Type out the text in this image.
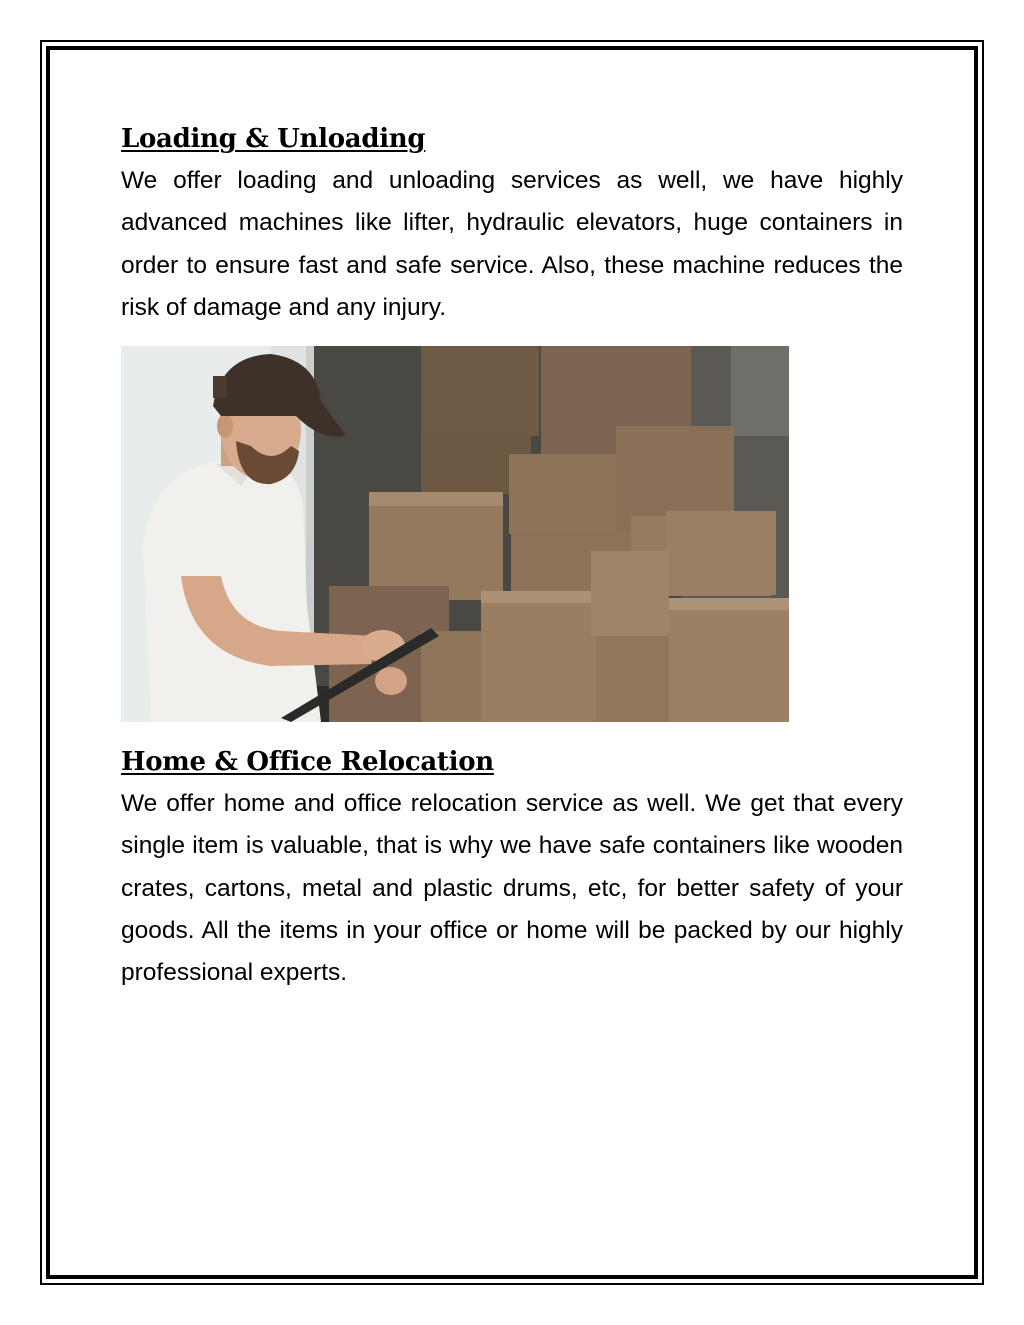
Loading & Unloading

We offer loading and unloading services as well, we have highly advanced machines like lifter, hydraulic elevators, huge containers in order to ensure fast and safe service. Also, these machine reduces the risk of damage and any injury.

Home & Office Relocation

We offer home and office relocation service as well. We get that every single item is valuable, that is why we have safe containers like wooden crates, cartons, metal and plastic drums, etc, for better safety of your goods. All the items in your office or home will be packed by our highly professional experts.
